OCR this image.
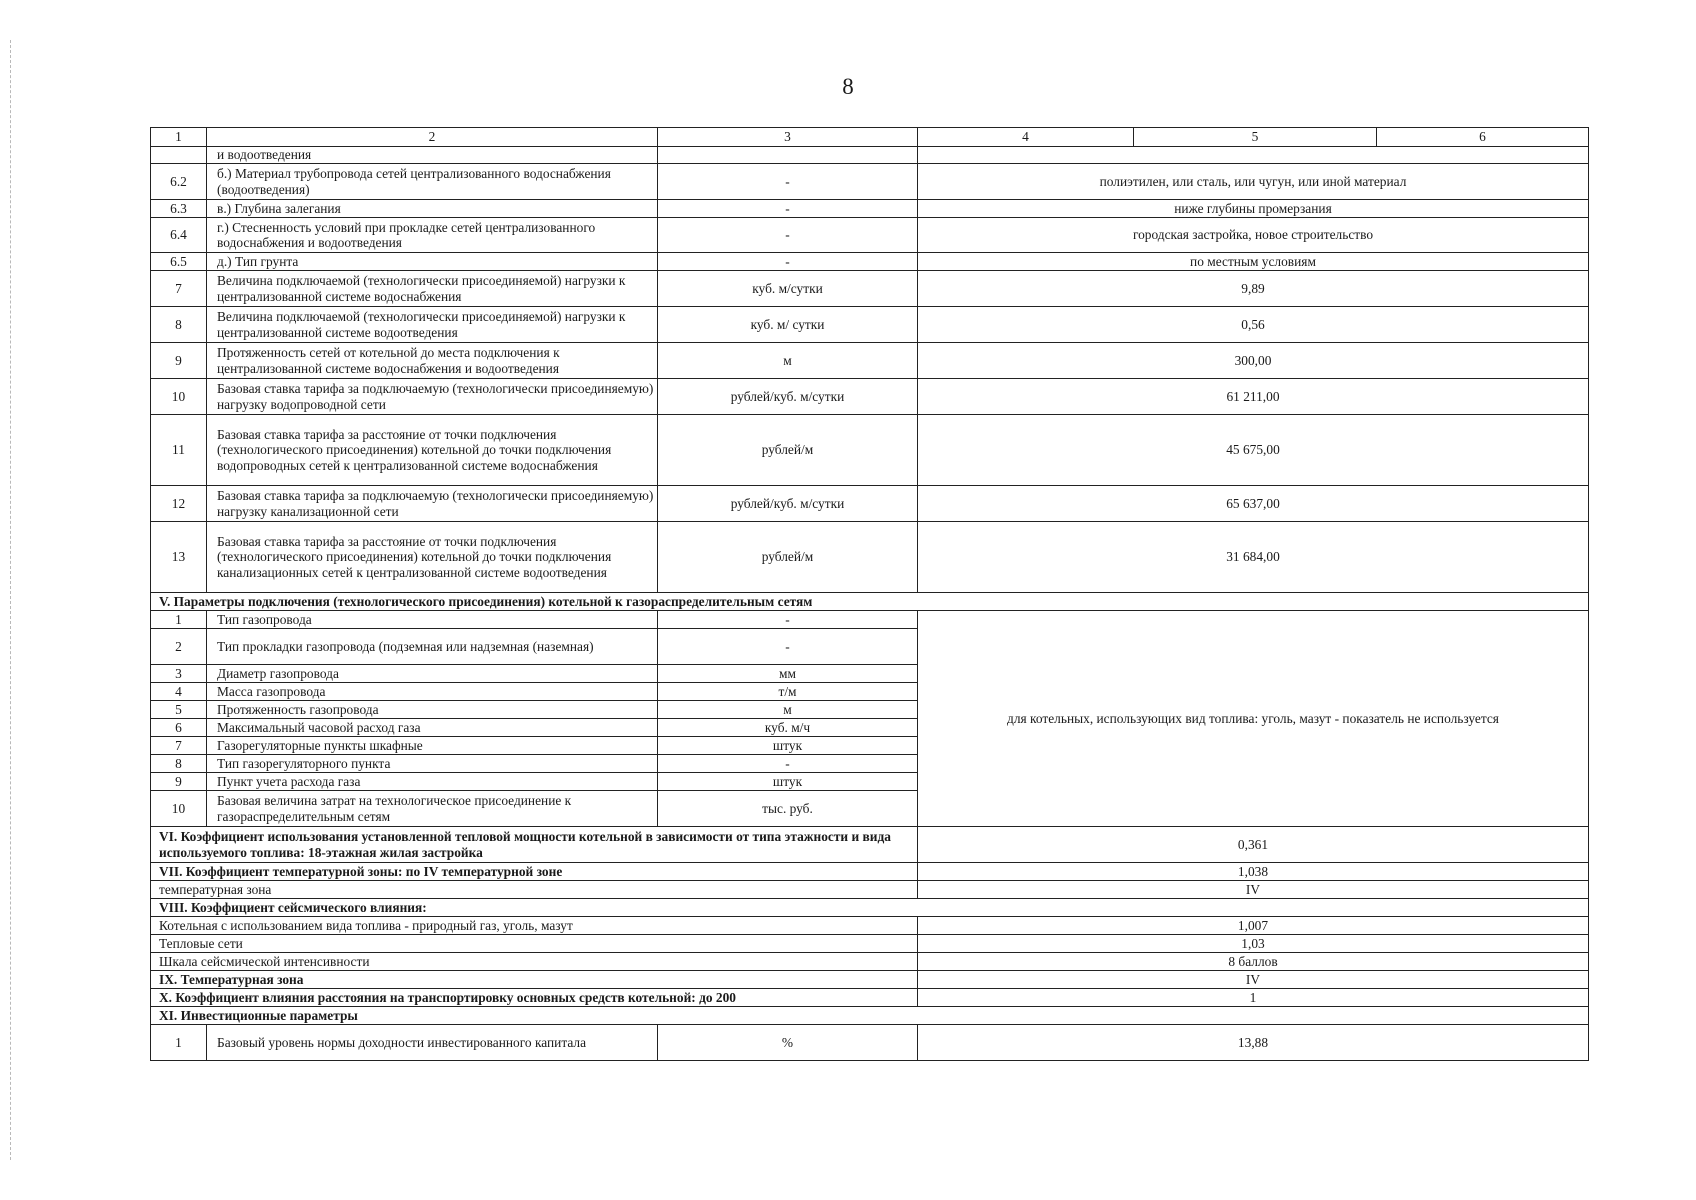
8
1	2	3	4	5	6
	и водоотведения				
6.2	б.) Материал трубопровода сетей централизованного водоснабжения (водоотведения)	-	полиэтилен, или сталь, или чугун, или иной материал		
6.3	в.) Глубина залегания	-	ниже глубины промерзания		
6.4	г.) Стесненность условий при прокладке сетей централизованного водоснабжения и водоотведения	-	городская застройка, новое строительство		
6.5	д.) Тип грунта	-	по местным условиям		
7	Величина подключаемой (технологически присоединяемой) нагрузки к централизованной системе водоснабжения	куб. м/сутки	9,89		
8	Величина подключаемой (технологически присоединяемой) нагрузки к централизованной системе водоотведения	куб. м/ сутки	0,56		
9	Протяженность сетей от котельной до места подключения к централизованной системе водоснабжения и водоотведения	м	300,00		
10	Базовая ставка тарифа за подключаемую (технологически присоединяемую) нагрузку водопроводной сети	рублей/куб. м/сутки	61 211,00		
11	Базовая ставка тарифа за расстояние от точки подключения (технологического присоединения) котельной до точки подключения водопроводных сетей к централизованной системе водоснабжения	рублей/м	45 675,00		
12	Базовая ставка тарифа за подключаемую (технологически присоединяемую) нагрузку канализационной сети	рублей/куб. м/сутки	65 637,00		
13	Базовая ставка тарифа за расстояние от точки подключения (технологического присоединения) котельной до точки подключения канализационных сетей к централизованной системе водоотведения	рублей/м	31 684,00		
V. Параметры подключения (технологического присоединения) котельной к газораспределительным сетям					
1	Тип газопровода	-	для котельных, использующих вид топлива: уголь, мазут - показатель не используется		
2	Тип прокладки газопровода (подземная или надземная (наземная)	-			
3	Диаметр газопровода	мм			
4	Масса газопровода	т/м			
5	Протяженность газопровода	м			
6	Максимальный часовой расход газа	куб. м/ч			
7	Газорегуляторные пункты шкафные	штук			
8	Тип газорегуляторного пункта	-			
9	Пункт учета расхода газа	штук			
10	Базовая величина затрат на технологическое присоединение к газораспределительным сетям	тыс. руб.			
VI. Коэффициент использования установленной тепловой мощности котельной в зависимости от типа этажности и вида используемого топлива: 18-этажная жилая застройка			0,361		
VII. Коэффициент температурной зоны: по IV температурной зоне			1,038		
температурная зона			IV		
VIII. Коэффициент сейсмического влияния:					
Котельная с использованием вида топлива - природный газ, уголь, мазут			1,007		
Тепловые сети			1,03		
Шкала сейсмической интенсивности			8 баллов		
IX. Температурная зона			IV		
X. Коэффициент влияния расстояния на транспортировку основных средств котельной: до 200			1		
XI. Инвестиционные параметры					
1	Базовый уровень нормы доходности инвестированного капитала	%	13,88		
